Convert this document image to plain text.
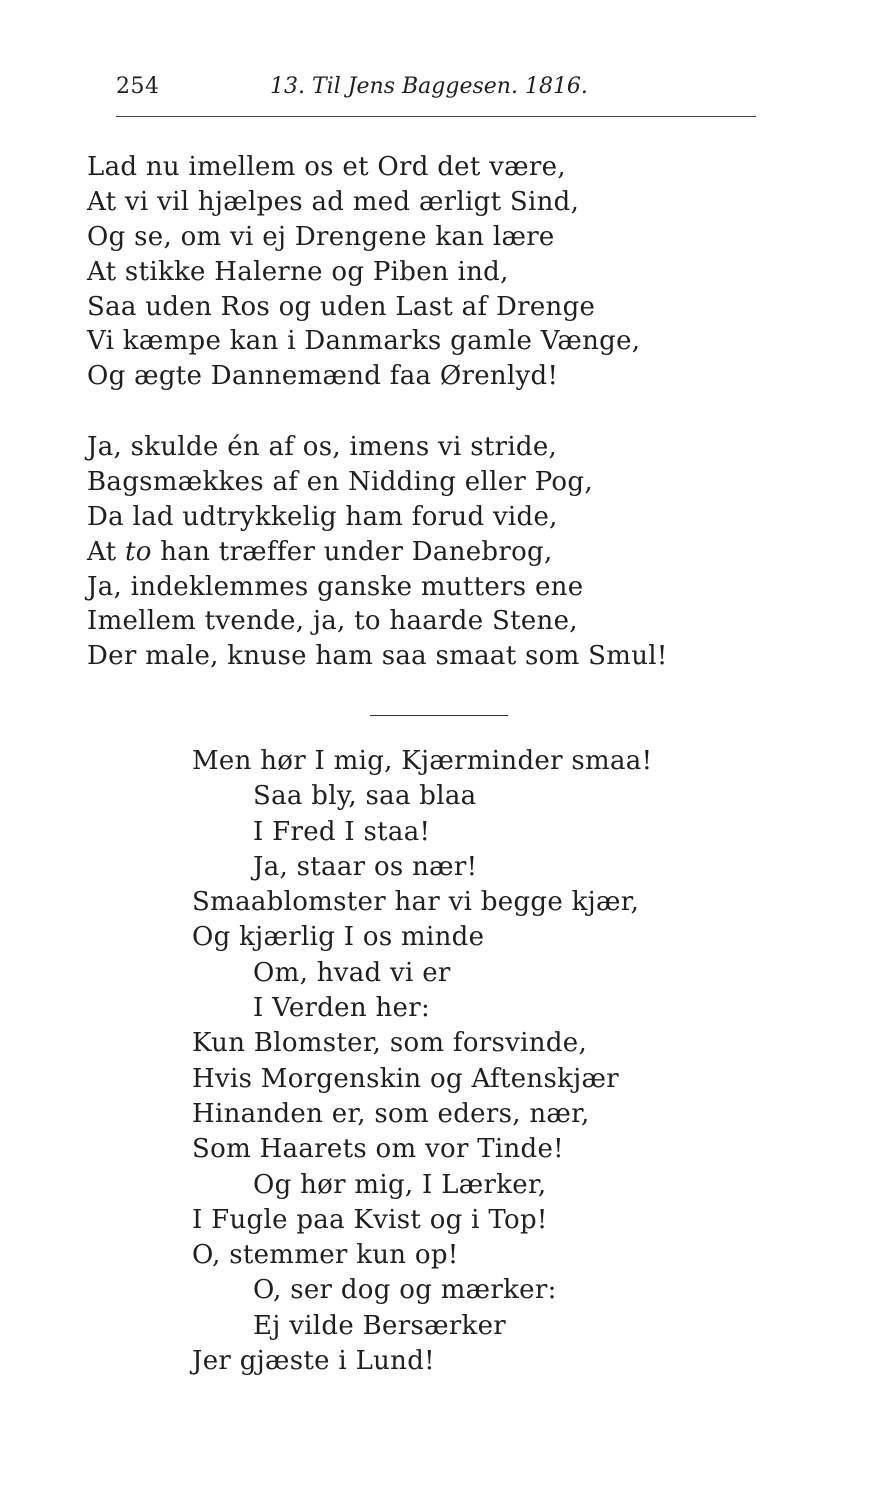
254	13. Til Jens Baggesen. 1816.
Lad nu imellem os et Ord det være,
At vi vil hjælpes ad med ærligt Sind,
Og se, om vi ej Drengene kan lære
At stikke Halerne og Piben ind,
Saa uden Ros og uden Last af Drenge
Vi kæmpe kan i Danmarks gamle Vænge,
Og ægte Dannemænd faa Ørenlyd!
Ja, skulde én af os, imens vi stride,
Bagsmækkes af en Nidding eller Pog,
Da lad udtrykkelig ham forud vide,
At to han træffer under Danebrog,
Ja, indeklemmes ganske mutters ene
Imellem tvende, ja, to haarde Stene,
Der male, knuse ham saa smaat som Smul!
Men hør I mig, Kjærminder smaa!
Saa bly, saa blaa
I Fred I staa!
Ja, staar os nær!
Smaablomster har vi begge kjær,
Og kjærlig I os minde
Om, hvad vi er
I Verden her:
Kun Blomster, som forsvinde,
Hvis Morgenskin og Aftenskjær
Hinanden er, som eders, nær,
Som Haarets om vor Tinde!
Og hør mig, I Lærker,
I Fugle paa Kvist og i Top!
O, stemmer kun op!
O, ser dog og mærker:
Ej vilde Bersærker
Jer gjæste i Lund!
